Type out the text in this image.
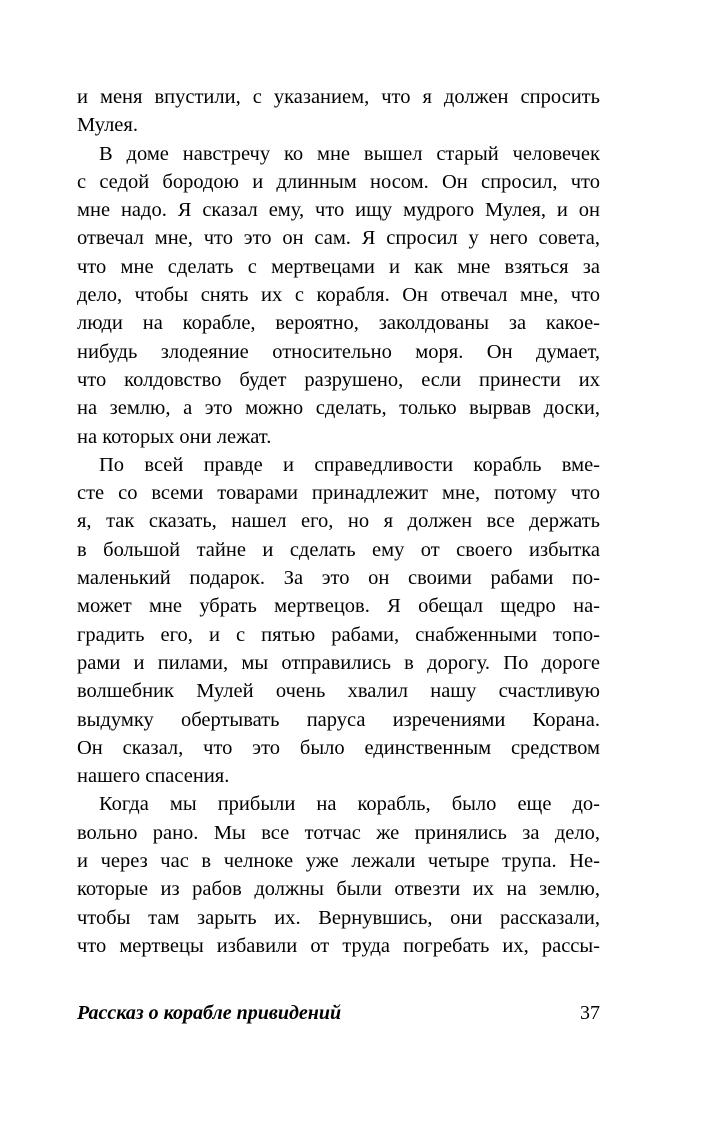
и меня впустили, с указанием, что я должен спросить
Мулея.
В доме навстречу ко мне вышел старый человечек
с седой бородою и длинным носом. Он спросил, что
мне надо. Я сказал ему, что ищу мудрого Мулея, и он
отвечал мне, что это он сам. Я спросил у него совета,
что мне сделать с мертвецами и как мне взяться за
дело, чтобы снять их с корабля. Он отвечал мне, что
люди на корабле, вероятно, заколдованы за какое-
нибудь злодеяние относительно моря. Он думает,
что колдовство будет разрушено, если принести их
на землю, а это можно сделать, только вырвав доски,
на которых они лежат.
По всей правде и справедливости корабль вме-
сте со всеми товарами принадлежит мне, потому что
я, так сказать, нашел его, но я должен все держать
в большой тайне и сделать ему от своего избытка
маленький подарок. За это он своими рабами по-
может мне убрать мертвецов. Я обещал щедро на-
градить его, и с пятью рабами, снабженными топо-
рами и пилами, мы отправились в дорогу. По дороге
волшебник Мулей очень хвалил нашу счастливую
выдумку обертывать паруса изречениями Корана.
Он сказал, что это было единственным средством
нашего спасения.
Когда мы прибыли на корабль, было еще до-
вольно рано. Мы все тотчас же принялись за дело,
и через час в челноке уже лежали четыре трупа. Не-
которые из рабов должны были отвезти их на землю,
чтобы там зарыть их. Вернувшись, они рассказали,
что мертвецы избавили от труда погребать их, рассы-
Рассказ о корабле привидений	37
